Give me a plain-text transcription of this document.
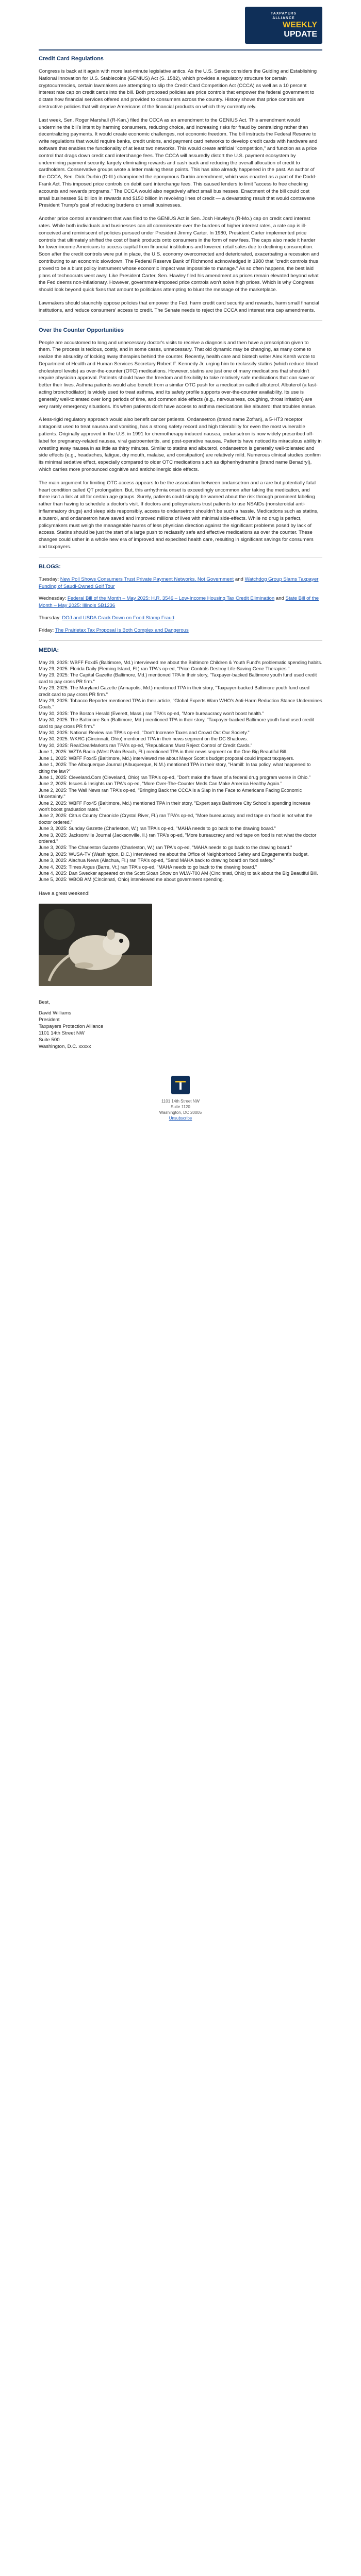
TAXPAYERS
ALLIANCE
WEEKLY
UPDATE
Credit Card Regulations

Congress is back at it again with more last-minute legislative antics. As the U.S. Senate considers the Guiding and Establishing National Innovation for U.S. Stablecoins (GENIUS) Act (S. 1582), which provides a regulatory structure for certain cryptocurrencies, certain lawmakers are attempting to slip the Credit Card Competition Act (CCCA) as well as a 10 percent interest rate cap on credit cards into the bill. Both proposed policies are price controls that empower the federal government to dictate how financial services offered and provided to consumers across the country. History shows that price controls are destructive policies that will deprive Americans of the financial products on which they currently rely.

Last week, Sen. Roger Marshall (R-Kan.) filed the CCCA as an amendment to the GENIUS Act. This amendment would undermine the bill's intent by harming consumers, reducing choice, and increasing risks for fraud by centralizing rather than decentralizing payments. It would create economic challenges, not economic freedom. The bill instructs the Federal Reserve to write regulations that would require banks, credit unions, and payment card networks to develop credit cards with hardware and software that enables the functionality of at least two networks. This would create artificial "competition," and function as a price control that drags down credit card interchange fees. The CCCA will assuredly distort the U.S. payment ecosystem by undermining payment security, largely eliminating rewards and cash back and reducing the overall allocation of credit to cardholders. Conservative groups wrote a letter making these points. This has also already happened in the past. An author of the CCCA, Sen. Dick Durbin (D-Ill.) championed the eponymous Durbin amendment, which was enacted as a part of the Dodd-Frank Act. This imposed price controls on debit card interchange fees. This caused lenders to limit "access to free checking accounts and rewards programs." The CCCA would also negatively affect small businesses. Enactment of the bill could cost small businesses $1 billion in rewards and $150 billion in revolving lines of credit — a devastating result that would contravene President Trump's goal of reducing burdens on small businesses.

Another price control amendment that was filed to the GENIUS Act is Sen. Josh Hawley's (R-Mo.) cap on credit card interest rates. While both individuals and businesses can all commiserate over the burdens of higher interest rates, a rate cap is ill-conceived and reminiscent of policies pursued under President Jimmy Carter. In 1980, President Carter implemented price controls that ultimately shifted the cost of bank products onto consumers in the form of new fees. The caps also made it harder for lower-income Americans to access capital from financial institutions and lowered retail sales due to declining consumption. Soon after the credit controls were put in place, the U.S. economy overcorrected and deteriorated, exacerbating a recession and contributing to an economic slowdown. The Federal Reserve Bank of Richmond acknowledged in 1980 that "credit controls thus proved to be a blunt policy instrument whose economic impact was impossible to manage." As so often happens, the best laid plans of technocrats went awry. Like President Carter, Sen. Hawley filed his amendment as prices remain elevated beyond what the Fed deems non-inflationary. However, government-imposed price controls won't solve high prices. Which is why Congress should look beyond quick fixes that amount to politicians attempting to blunt the message of the marketplace.

Lawmakers should staunchly oppose policies that empower the Fed, harm credit card security and rewards, harm small financial institutions, and reduce consumers' access to credit. The Senate needs to reject the CCCA and interest rate cap amendments.

Over the Counter Opportunities

People are accustomed to long and unnecessary doctor's visits to receive a diagnosis and then have a prescription given to them. The process is tedious, costly, and in some cases, unnecessary. That old dynamic may be changing, as many come to realize the absurdity of locking away therapies behind the counter. Recently, health care and biotech writer Alex Kersh wrote to Department of Health and Human Services Secretary Robert F. Kennedy Jr. urging him to reclassify statins (which reduce blood cholesterol levels) as over-the-counter (OTC) medications. However, statins are just one of many medications that shouldn't require physician approval. Patients should have the freedom and flexibility to take relatively safe medications that can save or better their lives. Asthma patients would also benefit from a similar OTC push for a medication called albuterol. Albuterol (a fast-acting bronchodilator) is widely used to treat asthma, and its safety profile supports over-the-counter availability. Its use is generally well-tolerated over long periods of time, and common side effects (e.g., nervousness, coughing, throat irritation) are very rarely emergency situations. It's when patients don't have access to asthma medications like albuterol that troubles ensue.

A less-rigid regulatory approach would also benefit cancer patients. Ondansetron (brand name Zofran), a 5-HT3 receptor antagonist used to treat nausea and vomiting, has a strong safety record and high tolerability for even the most vulnerable patients. Originally approved in the U.S. in 1991 for chemotherapy-induced nausea, ondansetron is now widely prescribed off-label for pregnancy-related nausea, viral gastroenteritis, and post-operative nausea. Patients have noticed its miraculous ability in wrestling away nausea in as little as thirty minutes. Similar to statins and albuterol, ondansetron is generally well-tolerated and side effects (e.g., headaches, fatigue, dry mouth, malaise, and constipation) are relatively mild. Numerous clinical studies confirm its minimal sedative effect, especially compared to older OTC medications such as diphenhydramine (brand name Benadryl), which carries more pronounced cognitive and anticholinergic side effects.

The main argument for limiting OTC access appears to be the association between ondansetron and a rare but potentially fatal heart condition called QT prolongation. But, this arrhythmia onset is exceedingly uncommon after taking the medication, and there isn't a link at all for certain age groups. Surely, patients could simply be warned about the risk through prominent labeling rather than having to schedule a doctor's visit. If doctors and policymakers trust patients to use NSAIDs (nonsteroidal anti-inflammatory drugs) and sleep aids responsibly, access to ondansetron shouldn't be such a hassle. Medications such as statins, albuterol, and ondansetron have saved and improved millions of lives with minimal side-effects. While no drug is perfect, policymakers must weigh the manageable harms of less physician direction against the significant problems posed by lack of access. Statins should be just the start of a large push to reclassify safe and effective medications as over the counter. These changes could usher in a whole new era of improved and expedited health care, resulting in significant savings for consumers and taxpayers.

BLOGS:

Tuesday: New Poll Shows Consumers Trust Private Payment Networks, Not Government and Watchdog Group Slams Taxpayer Funding of Saudi-Owned Golf Tour

Wednesday: Federal Bill of the Month – May 2025: H.R. 3546 – Low-Income Housing Tax Credit Elimination and State Bill of the Month – May 2025: Illinois SB1236

Thursday: DOJ and USDA Crack Down on Food Stamp Fraud

Friday: The Prairietax Tax Proposal Is Both Complex and Dangerous

MEDIA:

May 29, 2025: WBFF Fox45 (Baltimore, Md.) interviewed me about the Baltimore Children & Youth Fund's problematic spending habits.

May 29, 2025: Florida Daily (Fleming Island, Fl.) ran TPA's op-ed, "Price Controls Destroy Life-Saving Gene Therapies."

May 29, 2025: The Capital Gazette (Baltimore, Md.) mentioned TPA in their story, "Taxpayer-backed Baltimore youth fund used credit card to pay cross PR firm."

May 29, 2025: The Maryland Gazette (Annapolis, Md.) mentioned TPA in their story, "Taxpayer-backed Baltimore youth fund used credit card to pay cross PR firm."

May 29, 2025: Tobacco Reporter mentioned TPA in their article, "Global Experts Warn WHO's Anti-Harm Reduction Stance Undermines Goals."

May 30, 2025: The Boston Herald (Everett, Mass.) ran TPA's op-ed, "More bureaucracy won't boost health."

May 30, 2025: The Baltimore Sun (Baltimore, Md.) mentioned TPA in their story, "Taxpayer-backed Baltimore youth fund used credit card to pay cross PR firm."

May 30, 2025: National Review ran TPA's op-ed, "Don't Increase Taxes and Crowd Out Our Society."

May 30, 2025: WKRC (Cincinnati, Ohio) mentioned TPA in their news segment on the DC Shadows.

May 30, 2025: RealClearMarkets ran TPA's op-ed, "Republicans Must Reject Control of Credit Cards."

June 1, 2025: WZTA Radio (West Palm Beach, Fl.) mentioned TPA in their news segment on the One Big Beautiful Bill.

June 1, 2025: WBFF Fox45 (Baltimore, Md.) interviewed me about Mayor Scott's budget proposal could impact taxpayers.

June 1, 2025: The Albuquerque Journal (Albuquerque, N.M.) mentioned TPA in their story, "Hamill: In tax policy, what happened to citing the law?"

June 1, 2025: Cleveland.Com (Cleveland, Ohio) ran TPA's op-ed, "Don't make the flaws of a federal drug program worse in Ohio."

June 2, 2025: Issues & Insights ran TPA's op-ed, "More Over-The-Counter Meds Can Make America Healthy Again."

June 2, 2025: The Wall News ran TPA's op-ed, "Bringing Back the CCCA is a Slap in the Face to Americans Facing Economic Uncertainty."

June 2, 2025: WBFF Fox45 (Baltimore, Md.) mentioned TPA in their story, "Expert says Baltimore City School's spending increase won't boost graduation rates."

June 2, 2025: Citrus County Chronicle (Crystal River, Fl.) ran TPA's op-ed, "More bureaucracy and red tape on food is not what the doctor ordered."

June 3, 2025: Sunday Gazette (Charleston, W.) ran TPA's op-ed, "MAHA needs to go back to the drawing board."

June 3, 2025: Jacksonville Journal (Jacksonville, Il.) ran TPA's op-ed, "More bureaucracy and red tape on food is not what the doctor ordered."

June 3, 2025: The Charleston Gazette (Charleston, W.) ran TPA's op-ed, "MAHA needs to go back to the drawing board."

June 3, 2025: WUSA-TV (Washington, D.C.) interviewed me about the Office of Neighborhood Safety and Engagement's budget.

June 3, 2025: Alachua News (Alachua, Fl.) ran TPA's op-ed, "Send MAHA back to drawing board on food safety."

June 4, 2025: Times Argus (Barre, Vt.) ran TPA's op-ed, "MAHA needs to go back to the drawing board."

June 4, 2025: Dan Swecker appeared on the Scott Sloan Show on WLW-700 AM (Cincinnati, Ohio) to talk about the Big Beautiful Bill.

June 5, 2025: WBOB AM (Cincinnati, Ohio) interviewed me about government spending.

Have a great weekend!

Best,

David Williams

President

Taxpayers Protection Alliance

1101 14th Street NW

Suite 500

Washington, D.C. xxxxx

1101 14th Street NW
Suite 1120
Washington, DC 20005
Unsubscribe
